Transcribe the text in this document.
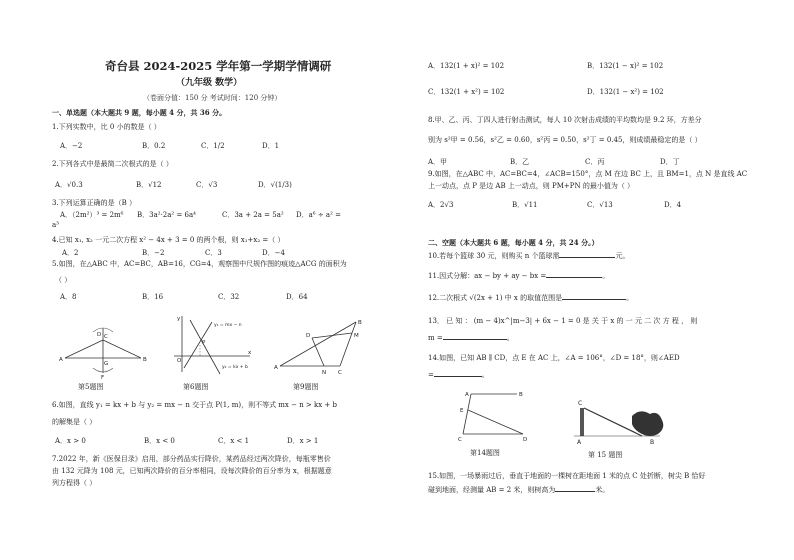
奇台县 2024-2025 学年第一学期学情调研
（九年级 数学）
（卷面分值：150 分 考试时间：120 分钟）
一、单选题（本大题共 9 题，每小题 4 分，共 36 分。
1.下列实数中，比 0 小的数是（ ）
A．−2	B．0.2	C．1/2	D．1
2.下列各式中是最简二次根式的是（ ）
A．√0.3	B．√12	C．√3	D．√(1/3)
3.下列运算正确的是（B ）
A．（2m²）³ = 2m⁶ B．3a²·2a² = 6a⁴	C．3a + 2a = 5a² D．a⁶ ÷ a² =
a³
4.已知 x₁, x₂ 一元二次方程 x² − 4x + 3 = 0 的两个根，则 x₁+x₂ =（ ）
A．2	B．−2	C．3	D．−4
5.如图，在△ABC 中，AC=BC，AB=16，CG=4，观察图中尺规作图的痕迹△ACG 的面积为
（ ）
A．8	B．16	C．32	D．64
D C
A
G
B
F
第5题图
y
x
O
P
y₁ = mx − n
y₂ = kx + b
第6题图
A
B
C
D	M
N
第9题图
6.如图，直线 y₁ = kx + b 与 y₂ = mx − n 交于点 P(1, m)，则不等式 mx − n > kx + b
的解集是（ ）
A．x > 0	B．x < 0	C．x < 1	D．x > 1
7.2022 年，新《医保目录》启用，部分药品实行降价，某药品经过两次降价，每瓶零售价
由 132 元降为 108 元，已知两次降价的百分率相同，设每次降价的百分率为 x，根据题意
列方程得（ ）
A．132(1 + x)² = 102	B．132(1 − x)² = 102
C．132(1 + x²) = 102	D．132(1 − x²) = 102
8.甲、乙、丙、丁四人进行射击测试，每人 10 次射击成绩的平均数均是 9.2 环，方差分
别为 s²甲 = 0.56，s²乙 = 0.60，s²丙 = 0.50，s²丁 = 0.45，则成绩最稳定的是（ ）
A．甲	B．乙	C．丙	D．丁
9.如图，在△ABC 中，AC=BC=4，∠ACB=150°，点 M 在边 BC 上，且 BM=1，点 N 是直线 AC
上一动点，点 P 是边 AB 上一动点，则 PM+PN 的最小值为（ ）
A．2√3	B．√11	C．√13	D．4
二、空题（本大题共 6 题，每小题 4 分，共 24 分。）
10.若每个篮球 30 元，则购买 n 个篮球需	元。
11.因式分解：ax − by + ay − bx =	。
12.二次根式 √(2x + 1) 中 x 的取值范围是	。
13． 已 知 ： (m − 4)x^|m−3| + 6x − 1 = 0 是 关 于 x 的 一 元 二 次 方 程 ， 则
m =	。
14.如图，已知 AB ∥ CD，点 E 在 AC 上，∠A = 106°，∠D = 18°，则∠AED
=	。
A	B
E
C	D
第14题图
C
A	B
第 15 题图
15.如图，一场暴雨过后，垂直于地面的一棵树在距地面 1 米的点 C 处折断，树尖 B 恰好
碰到地面，经测量 AB = 2 米，则树高为	米。
